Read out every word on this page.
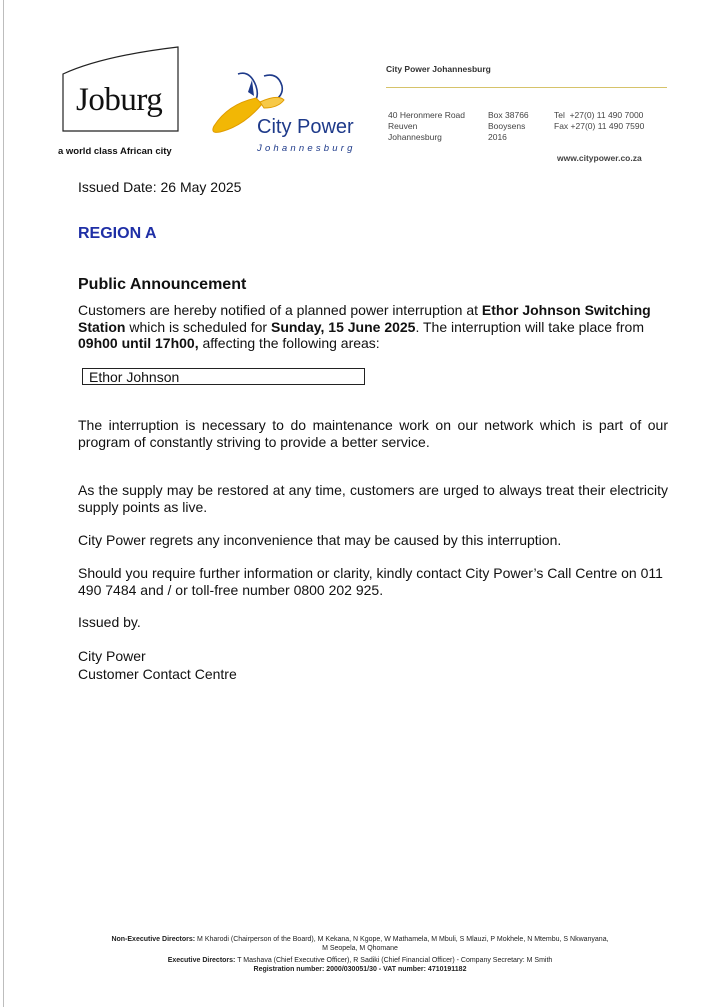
Joburg
a world class African city
City Power
Johannesburg
City Power Johannesburg
40 Heronmere Road
Reuven
Johannesburg
Box 38766
Booysens
2016
Tel  +27(0) 11 490 7000
Fax +27(0) 11 490 7590
www.citypower.co.za
Issued Date: 26 May 2025
REGION A
Public Announcement
Customers are hereby notified of a planned power interruption at Ethor Johnson Switching Station which is scheduled for Sunday, 15 June 2025. The interruption will take place from 09h00 until 17h00, affecting the following areas:
Ethor Johnson
The interruption is necessary to do maintenance work on our network which is part of our program of constantly striving to provide a better service.
As the supply may be restored at any time, customers are urged to always treat their electricity supply points as live.
City Power regrets any inconvenience that may be caused by this interruption.
Should you require further information or clarity, kindly contact City Power’s Call Centre on 011 490 7484 and / or toll-free number 0800 202 925.
Issued by.
City Power
Customer Contact Centre
Non-Executive Directors: M Kharodi (Chairperson of the Board), M Kekana, N Kgope, W Mathamela, M Mbuli, S Mlauzi, P Mokhele, N Mtembu, S Nkwanyana,
M Seopela, M Qhomane
Executive Directors: T Mashava (Chief Executive Officer), R Sadiki (Chief Financial Officer) - Company Secretary: M Smith
Registration number: 2000/030051/30 - VAT number: 4710191182
